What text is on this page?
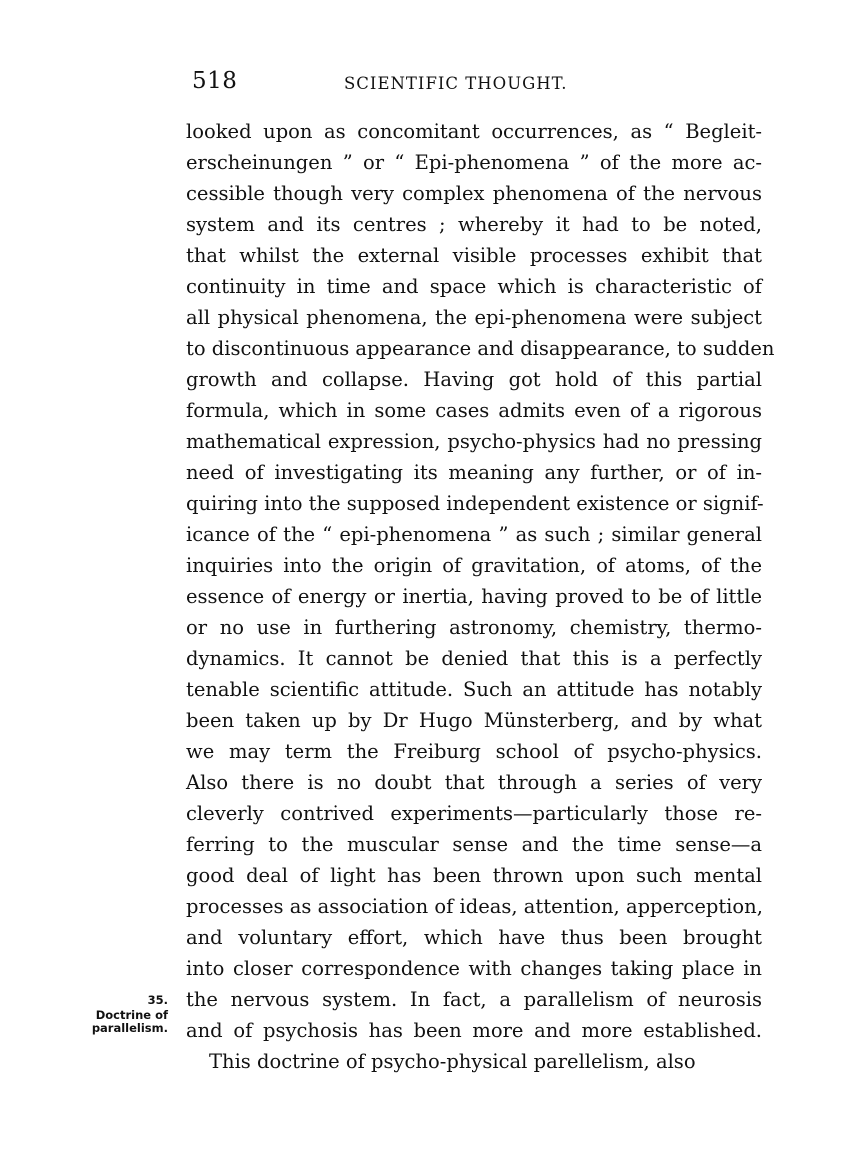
518	SCIENTIFIC THOUGHT.
looked upon as concomitant occurrences, as “ Begleit-
erscheinungen ” or “ Epi-phenomena ” of the more ac-
cessible though very complex phenomena of the nervous
system and its centres ; whereby it had to be noted,
that whilst the external visible processes exhibit that
continuity in time and space which is characteristic of
all physical phenomena, the epi-phenomena were subject
to discontinuous appearance and disappearance, to sudden
growth and collapse. Having got hold of this partial
formula, which in some cases admits even of a rigorous
mathematical expression, psycho-physics had no pressing
need of investigating its meaning any further, or of in-
quiring into the supposed independent existence or signif-
icance of the “ epi-phenomena ” as such ; similar general
inquiries into the origin of gravitation, of atoms, of the
essence of energy or inertia, having proved to be of little
or no use in furthering astronomy, chemistry, thermo-
dynamics. It cannot be denied that this is a perfectly
tenable scientific attitude. Such an attitude has notably
been taken up by Dr Hugo Münsterberg, and by what
we may term the Freiburg school of psycho-physics.
Also there is no doubt that through a series of very
cleverly contrived experiments—particularly those re-
ferring to the muscular sense and the time sense—a
good deal of light has been thrown upon such mental
processes as association of ideas, attention, apperception,
and voluntary effort, which have thus been brought
into closer correspondence with changes taking place in
the nervous system. In fact, a parallelism of neurosis
and of psychosis has been more and more established.
This doctrine of psycho-physical parellelism, also
35.
Doctrine of
parallelism.
